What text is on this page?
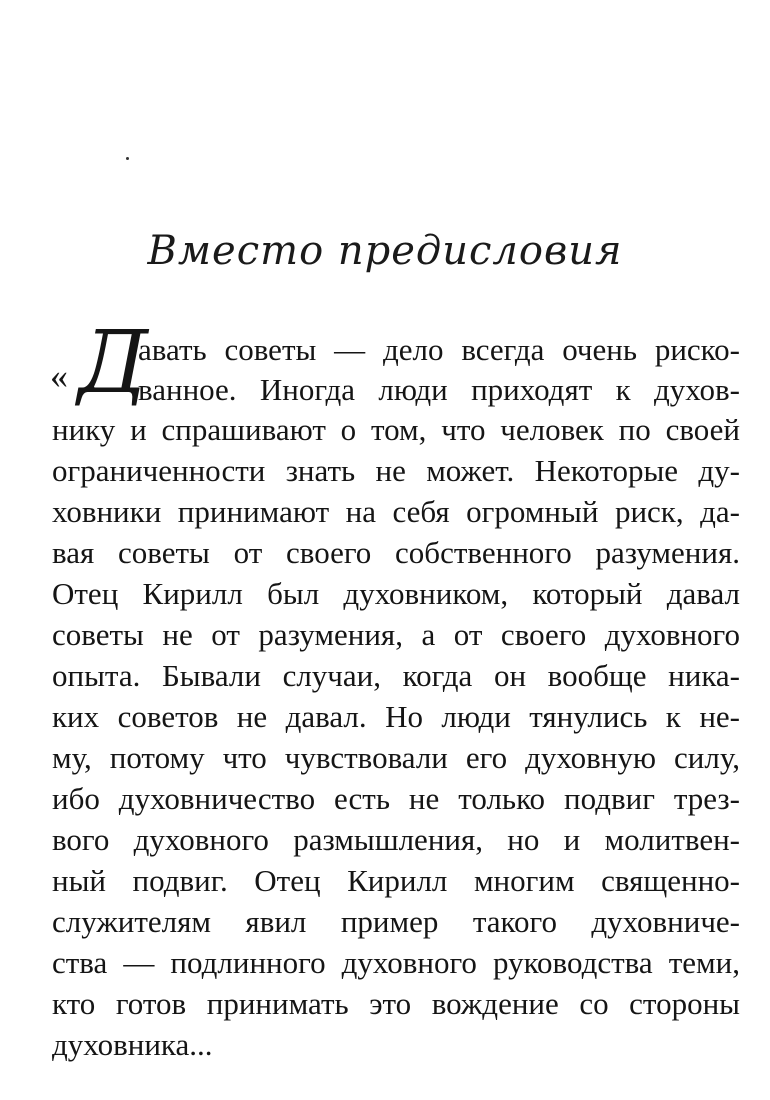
Вместо предисловия
« Д
авать советы — дело всегда очень риско-
ванное. Иногда люди приходят к духов-
нику и спрашивают о том, что человек по своей
ограниченности знать не может. Некоторые ду-
ховники принимают на себя огромный риск, да-
вая советы от своего собственного разумения.
Отец Кирилл был духовником, который давал
советы не от разумения, а от своего духовного
опыта. Бывали случаи, когда он вообще ника-
ких советов не давал. Но люди тянулись к не-
му, потому что чувствовали его духовную силу,
ибо духовничество есть не только подвиг трез-
вого духовного размышления, но и молитвен-
ный подвиг. Отец Кирилл многим священно-
служителям явил пример такого духовниче-
ства — подлинного духовного руководства теми,
кто готов принимать это вождение со стороны
духовника...
